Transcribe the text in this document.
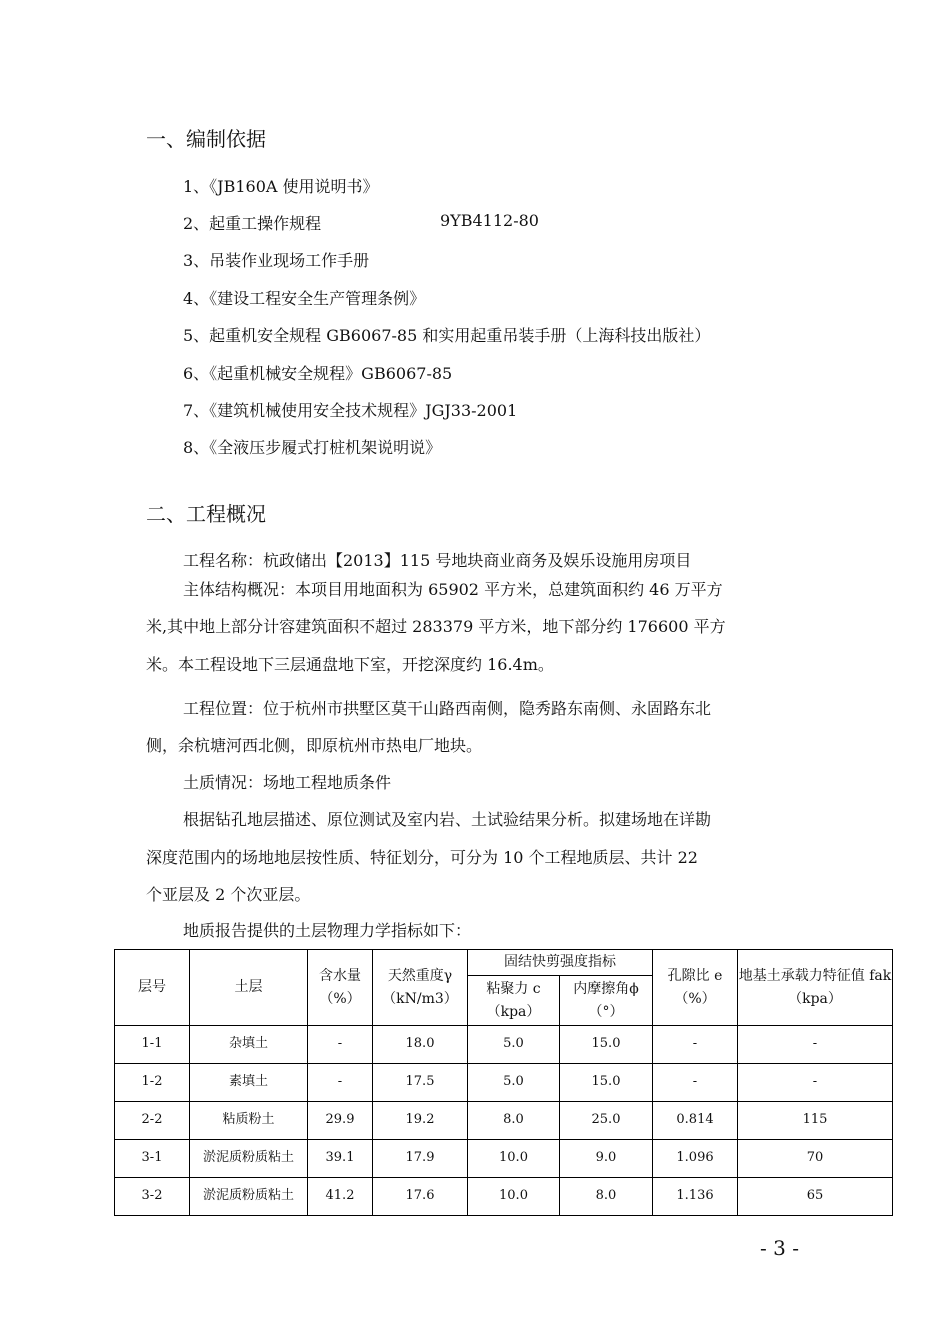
一、编制依据
1、《JB160A 使用说明书》
2、起重工操作规程	9YB4112-80
3、吊装作业现场工作手册
4、《建设工程安全生产管理条例》
5、起重机安全规程 GB6067-85 和实用起重吊装手册（上海科技出版社）
6、《起重机械安全规程》GB6067-85
7、《建筑机械使用安全技术规程》JGJ33-2001
8、《全液压步履式打桩机架说明说》
二、工程概况
工程名称：杭政储出【2013】115 号地块商业商务及娱乐设施用房项目
主体结构概况：本项目用地面积为 65902 平方米，总建筑面积约 46 万平方
米,其中地上部分计容建筑面积不超过 283379 平方米，地下部分约 176600 平方
米。本工程设地下三层通盘地下室，开挖深度约 16.4m。
工程位置：位于杭州市拱墅区莫干山路西南侧，隐秀路东南侧、永固路东北
侧，余杭塘河西北侧，即原杭州市热电厂地块。
土质情况：场地工程地质条件
根据钻孔地层描述、原位测试及室内岩、土试验结果分析。拟建场地在详勘
深度范围内的场地地层按性质、特征划分，可分为 10 个工程地质层、共计 22
个亚层及 2 个次亚层。
地质报告提供的土层物理力学指标如下：
层号	土层	含水量（%）	天然重度γ（kN/m3）	固结快剪强度指标		孔隙比 e（%）	地基土承载力特征值 fak（kpa）
				粘聚力 c（kpa）	内摩擦角ϕ（°）		
1-1	杂填土	-	18.0	5.0	15.0	-	-
1-2	素填土	-	17.5	5.0	15.0	-	-
2-2	粘质粉土	29.9	19.2	8.0	25.0	0.814	115
3-1	淤泥质粉质粘土	39.1	17.9	10.0	9.0	1.096	70
3-2	淤泥质粉质粘土	41.2	17.6	10.0	8.0	1.136	65
- 3 -
